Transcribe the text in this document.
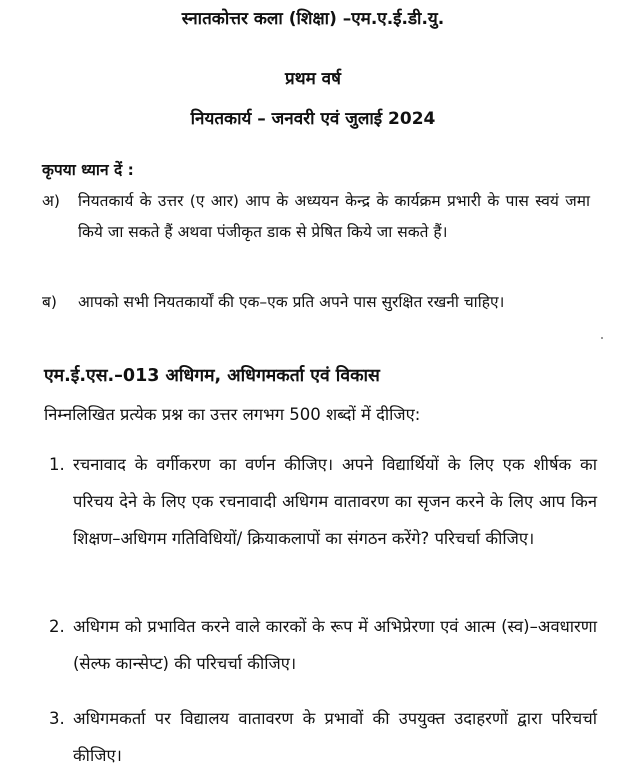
स्नातकोत्तर कला (शिक्षा) –एम.ए.ई.डी.यु.
प्रथम वर्ष
नियतकार्य – जनवरी एवं जुलाई 2024
कृपया ध्यान दें :

अ)	नियतकार्य के उत्तर (ए आर) आप के अध्ययन केन्द्र के कार्यक्रम प्रभारी के पास स्वयं जमा किये जा सकते हैं अथवा पंजीकृत डाक से प्रेषित किये जा सकते हैं।

ब)	आपको सभी नियतकार्यों की एक–एक प्रति अपने पास सुरक्षित रखनी चाहिए।

एम.ई.एस.–013 अधिगम, अधिगमकर्ता एवं विकास
निम्नलिखित प्रत्येक प्रश्न का उत्तर लगभग 500 शब्दों में दीजिए:

1. रचनावाद के वर्गीकरण का वर्णन कीजिए। अपने विद्यार्थियों के लिए एक शीर्षक का परिचय देने के लिए एक रचनावादी अधिगम वातावरण का सृजन करने के लिए आप किन शिक्षण–अधिगम गतिविधियों/ क्रियाकलापों का संगठन करेंगे? परिचर्चा कीजिए।

2. अधिगम को प्रभावित करने वाले कारकों के रूप में अभिप्रेरणा एवं आत्म (स्व)–अवधारणा (सेल्फ कान्सेप्ट) की परिचर्चा कीजिए।

3. अधिगमकर्ता पर विद्यालय वातावरण के प्रभावों की उपयुक्त उदाहरणों द्वारा परिचर्चा कीजिए।
